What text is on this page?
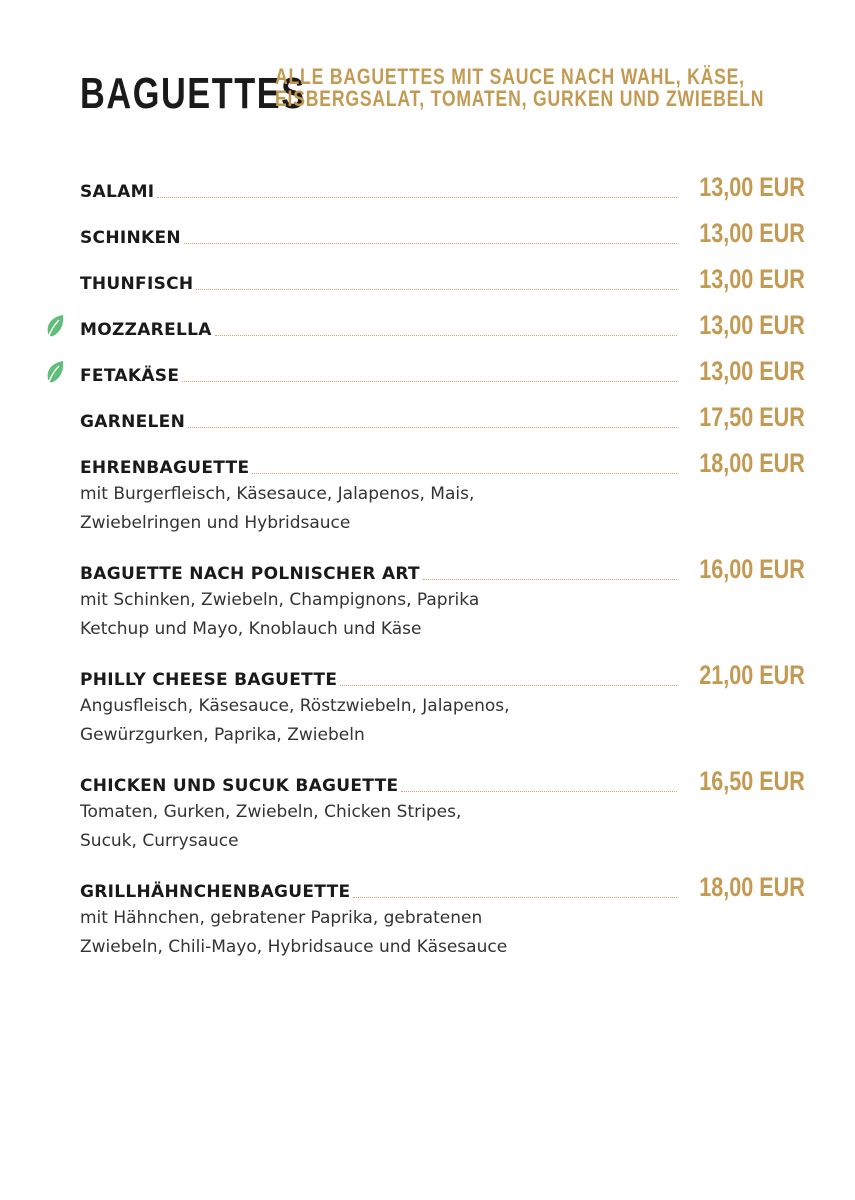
BAGUETTES
ALLE BAGUETTES MIT SAUCE NACH WAHL, KÄSE,
EISBERGSALAT, TOMATEN, GURKEN UND ZWIEBELN
SALAMI	13,00 EUR
SCHINKEN	13,00 EUR
THUNFISCH	13,00 EUR
MOZZARELLA	13,00 EUR
FETAKÄSE	13,00 EUR
GARNELEN	17,50 EUR
EHRENBAGUETTE	18,00 EUR
mit Burgerfleisch, Käsesauce, Jalapenos, Mais,
Zwiebelringen und Hybridsauce
BAGUETTE NACH POLNISCHER ART	16,00 EUR
mit Schinken, Zwiebeln, Champignons, Paprika
Ketchup und Mayo, Knoblauch und Käse
PHILLY CHEESE BAGUETTE	21,00 EUR
Angusfleisch, Käsesauce, Röstzwiebeln, Jalapenos,
Gewürzgurken, Paprika, Zwiebeln
CHICKEN UND SUCUK BAGUETTE	16,50 EUR
Tomaten, Gurken, Zwiebeln, Chicken Stripes,
Sucuk, Currysauce
GRILLHÄHNCHENBAGUETTE	18,00 EUR
mit Hähnchen, gebratener Paprika, gebratenen
Zwiebeln, Chili-Mayo, Hybridsauce und Käsesauce
